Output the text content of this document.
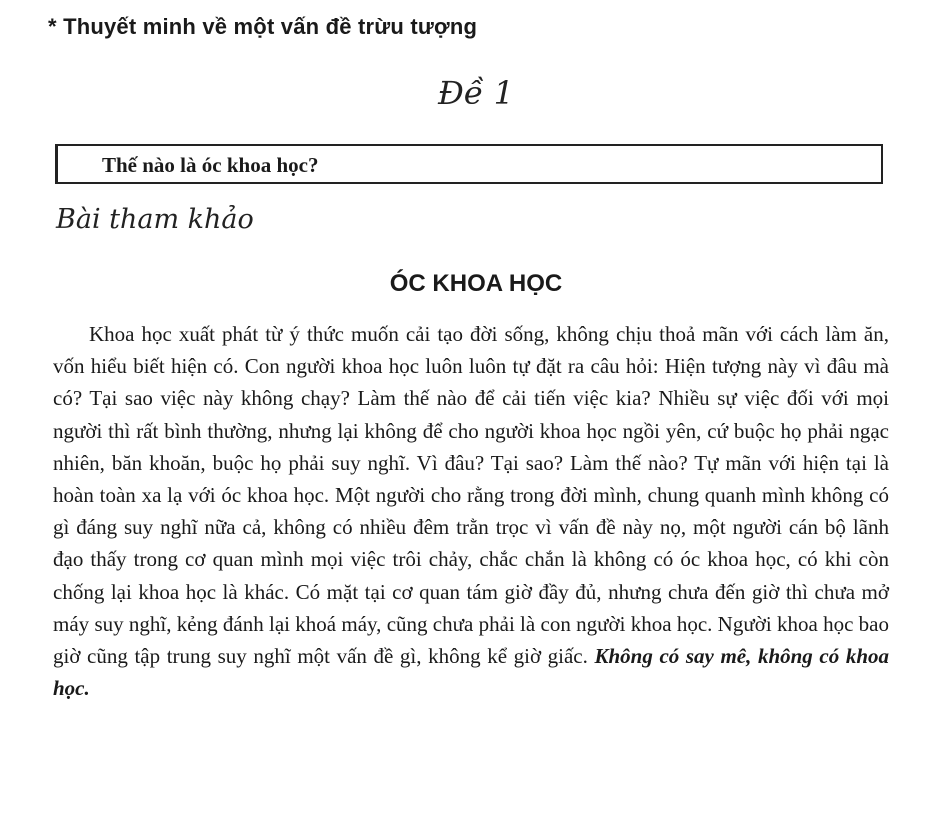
* Thuyết minh về một vấn đề trừu tượng
Đề 1
Thế nào là óc khoa học?
Bài tham khảo
ÓC KHOA HỌC

Khoa học xuất phát từ ý thức muốn cải tạo đời sống, không chịu thoả mãn với cách làm ăn, vốn hiểu biết hiện có. Con người khoa học luôn luôn tự đặt ra câu hỏi: Hiện tượng này vì đâu mà có? Tại sao việc này không chạy? Làm thế nào để cải tiến việc kia? Nhiều sự việc đối với mọi người thì rất bình thường, nhưng lại không để cho người khoa học ngồi yên, cứ buộc họ phải ngạc nhiên, băn khoăn, buộc họ phải suy nghĩ. Vì đâu? Tại sao? Làm thế nào? Tự mãn với hiện tại là hoàn toàn xa lạ với óc khoa học. Một người cho rằng trong đời mình, chung quanh mình không có gì đáng suy nghĩ nữa cả, không có nhiều đêm trằn trọc vì vấn đề này nọ, một người cán bộ lãnh đạo thấy trong cơ quan mình mọi việc trôi chảy, chắc chắn là không có óc khoa học, có khi còn chống lại khoa học là khác. Có mặt tại cơ quan tám giờ đầy đủ, nhưng chưa đến giờ thì chưa mở máy suy nghĩ, kẻng đánh lại khoá máy, cũng chưa phải là con người khoa học. Người khoa học bao giờ cũng tập trung suy nghĩ một vấn đề gì, không kể giờ giấc. Không có say mê, không có khoa học.
